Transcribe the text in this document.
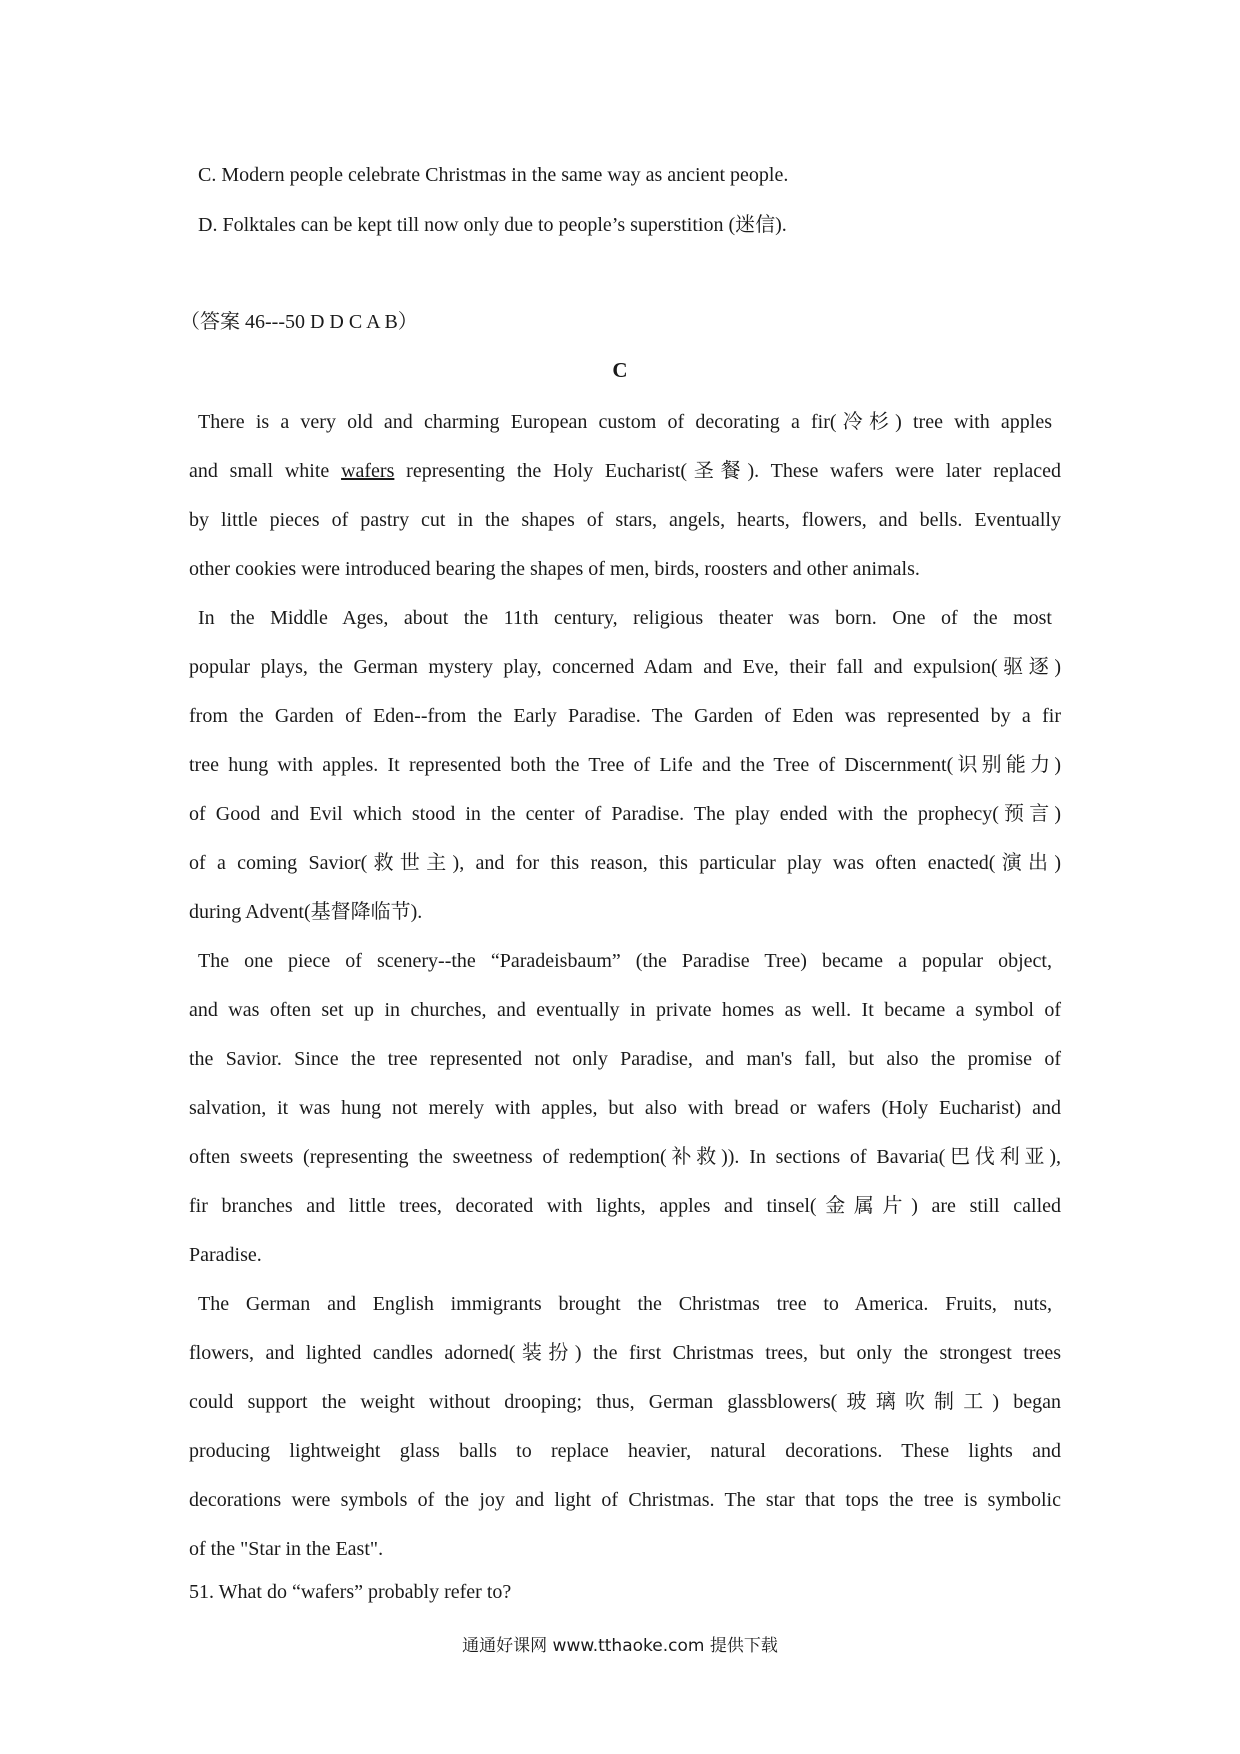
C. Modern people celebrate Christmas in the same way as ancient people.
D. Folktales can be kept till now only due to people’s superstition (迷信).
（答案 46---50 D D C A B）
C
There is a very old and charming European custom of decorating a fir(冷杉) tree with apples
and small white wafers representing the Holy Eucharist(圣餐). These wafers were later replaced
by little pieces of pastry cut in the shapes of stars, angels, hearts, flowers, and bells. Eventually
other cookies were introduced bearing the shapes of men, birds, roosters and other animals.
In the Middle Ages, about the 11th century, religious theater was born. One of the most
popular plays, the German mystery play, concerned Adam and Eve, their fall and expulsion(驱逐)
from the Garden of Eden--from the Early Paradise. The Garden of Eden was represented by a fir
tree hung with apples. It represented both the Tree of Life and the Tree of Discernment(识别能力)
of Good and Evil which stood in the center of Paradise. The play ended with the prophecy(预言)
of a coming Savior(救世主), and for this reason, this particular play was often enacted(演出)
during Advent(基督降临节).
The one piece of scenery--the “Paradeisbaum” (the Paradise Tree) became a popular object,
and was often set up in churches, and eventually in private homes as well. It became a symbol of
the Savior. Since the tree represented not only Paradise, and man's fall, but also the promise of
salvation, it was hung not merely with apples, but also with bread or wafers (Holy Eucharist) and
often sweets (representing the sweetness of redemption(补救)). In sections of Bavaria(巴伐利亚),
fir branches and little trees, decorated with lights, apples and tinsel(金属片) are still called
Paradise.
The German and English immigrants brought the Christmas tree to America. Fruits, nuts,
flowers, and lighted candles adorned(装扮) the first Christmas trees, but only the strongest trees
could support the weight without drooping; thus, German glassblowers(玻璃吹制工) began
producing lightweight glass balls to replace heavier, natural decorations. These lights and
decorations were symbols of the joy and light of Christmas. The star that tops the tree is symbolic
of the "Star in the East".
51. What do “wafers” probably refer to?
通通好课网 www.tthaoke.com 提供下载
